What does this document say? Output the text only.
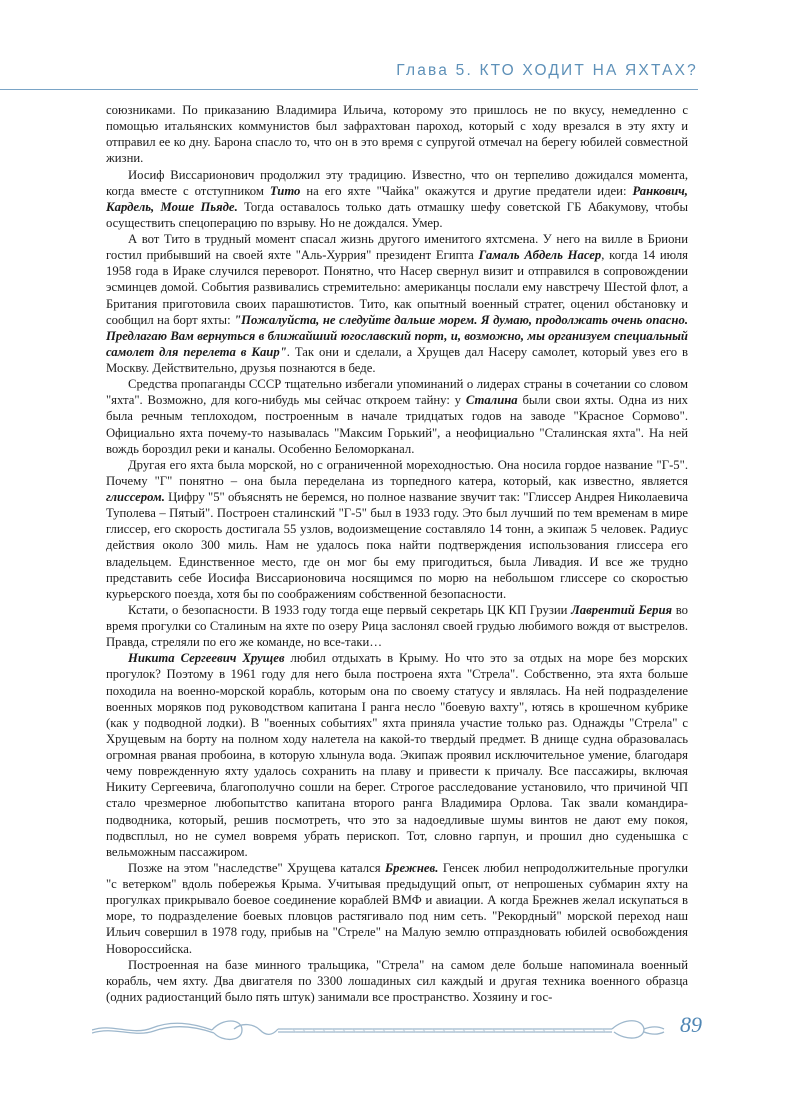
Глава 5. КТО ХОДИТ НА ЯХТАХ?

союзниками. По приказанию Владимира Ильича, которому это пришлось не по вкусу, немедленно с помощью итальянских коммунистов был зафрахтован пароход, который с ходу врезался в эту яхту и отправил ее ко дну. Барона спасло то, что он в это время с супругой отмечал на берегу юбилей совместной жизни.

Иосиф Виссарионович продолжил эту традицию. Известно, что он терпеливо дожидался момента, когда вместе с отступником Тито на его яхте "Чайка" окажутся и другие предатели идеи: Ранкович, Кардель, Моше Пьяде. Тогда оставалось только дать отмашку шефу советской ГБ Абакумову, чтобы осуществить спецоперацию по взрыву. Но не дождался. Умер.

А вот Тито в трудный момент спасал жизнь другого именитого яхтсмена. У него на вилле в Бриони гостил прибывший на своей яхте "Аль-Хуррия" президент Египта Гамаль Абдель Насер, когда 14 июля 1958 года в Ираке случился переворот. Понятно, что Насер свернул визит и отправился в сопровождении эсминцев домой. События развивались стремительно: американцы послали ему навстречу Шестой флот, а Британия приготовила своих парашютистов. Тито, как опытный военный стратег, оценил обстановку и сообщил на борт яхты: "Пожалуйста, не следуйте дальше морем. Я думаю, продолжать очень опасно. Предлагаю Вам вернуться в ближайший югославский порт, и, возможно, мы организуем специальный самолет для перелета в Каир". Так они и сделали, а Хрущев дал Насеру самолет, который увез его в Москву. Действительно, друзья познаются в беде.

Средства пропаганды СССР тщательно избегали упоминаний о лидерах страны в сочетании со словом "яхта". Возможно, для кого-нибудь мы сейчас откроем тайну: у Сталина были свои яхты. Одна из них была речным теплоходом, построенным в начале тридцатых годов на заводе "Красное Сормово". Официально яхта почему-то называлась "Максим Горький", а неофициально "Сталинская яхта". На ней вождь бороздил реки и каналы. Особенно Беломорканал.

Другая его яхта была морской, но с ограниченной мореходностью. Она носила гордое название "Г-5". Почему "Г" понятно – она была переделана из торпедного катера, который, как известно, является глиссером. Цифру "5" объяснять не беремся, но полное название звучит так: "Глиссер Андрея Николаевича Туполева – Пятый". Построен сталинский "Г-5" был в 1933 году. Это был лучший по тем временам в мире глиссер, его скорость достигала 55 узлов, водоизмещение составляло 14 тонн, а экипаж 5 человек. Радиус действия около 300 миль. Нам не удалось пока найти подтверждения использования глиссера его владельцем. Единственное место, где он мог бы ему пригодиться, была Ливадия. И все же трудно представить себе Иосифа Виссарионовича носящимся по морю на небольшом глиссере со скоростью курьерского поезда, хотя бы по соображениям собственной безопасности.

Кстати, о безопасности. В 1933 году тогда еще первый секретарь ЦК КП Грузии Лаврентий Берия во время прогулки со Сталиным на яхте по озеру Рица заслонял своей грудью любимого вождя от выстрелов. Правда, стреляли по его же команде, но все-таки…

Никита Сергеевич Хрущев любил отдыхать в Крыму. Но что это за отдых на море без морских прогулок? Поэтому в 1961 году для него была построена яхта "Стрела". Собственно, эта яхта больше походила на военно-морской корабль, которым она по своему статусу и являлась. На ней подразделение военных моряков под руководством капитана I ранга несло "боевую вахту", ютясь в крошечном кубрике (как у подводной лодки). В "военных событиях" яхта приняла участие только раз. Однажды "Стрела" с Хрущевым на борту на полном ходу налетела на какой-то твердый предмет. В днище судна образовалась огромная рваная пробоина, в которую хлынула вода. Экипаж проявил исключительное умение, благодаря чему поврежденную яхту удалось сохранить на плаву и привести к причалу. Все пассажиры, включая Никиту Сергеевича, благополучно сошли на берег. Строгое расследование установило, что причиной ЧП стало чрезмерное любопытство капитана второго ранга Владимира Орлова. Так звали командира-подводника, который, решив посмотреть, что это за надоедливые шумы винтов не дают ему покоя, подвсплыл, но не сумел вовремя убрать перископ. Тот, словно гарпун, и прошил дно суденышка с вельможным пассажиром.

Позже на этом "наследстве" Хрущева катался Брежнев. Генсек любил непродолжительные прогулки "с ветерком" вдоль побережья Крыма. Учитывая предыдущий опыт, от непрошеных субмарин яхту на прогулках прикрывало боевое соединение кораблей ВМФ и авиации. А когда Брежнев желал искупаться в море, то подразделение боевых пловцов растягивало под ним сеть. "Рекордный" морской переход наш Ильич совершил в 1978 году, прибыв на "Стреле" на Малую землю отпраздновать юбилей освобождения Новороссийска.

Построенная на базе минного тральщика, "Стрела" на самом деле больше напоминала военный корабль, чем яхту. Два двигателя по 3300 лошадиных сил каждый и другая техника военного образца (одних радиостанций было пять штук) занимали все пространство. Хозяину и гос-

89
